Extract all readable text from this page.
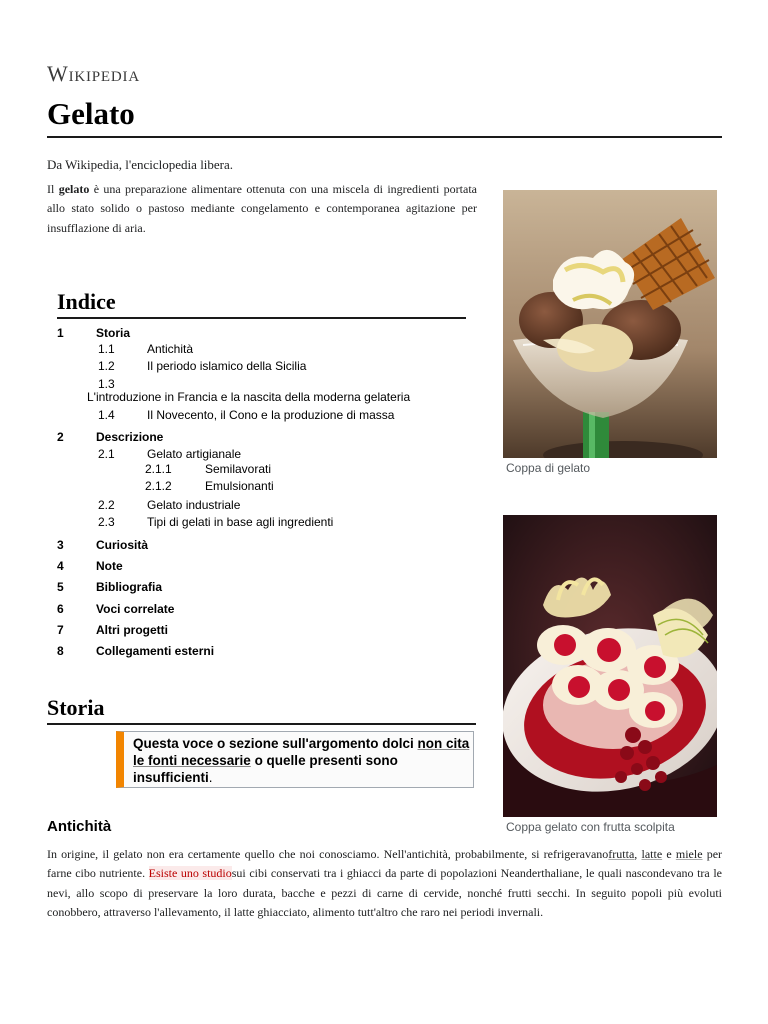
Wikipedia
Gelato
Da Wikipedia, l'enciclopedia libera.
Il gelato è una preparazione alimentare ottenuta con una miscela di ingredienti portata allo stato solido o pastoso mediante congelamento e contemporanea agitazione per insufflazione di aria.
Indice
1	Storia
1.1	Antichità
1.2	Il periodo islamico della Sicilia
1.3
L'introduzione in Francia e la nascita della moderna gelateria
1.4	Il Novecento, il Cono e la produzione di massa
2	Descrizione
2.1	Gelato artigianale
2.1.1	Semilavorati
2.1.2	Emulsionanti
2.2	Gelato industriale
2.3	Tipi di gelati in base agli ingredienti
3	Curiosità
4	Note
5	Bibliografia
6	Voci correlate
7	Altri progetti
8	Collegamenti esterni
Storia
Questa voce o sezione sull'argomento dolci non cita le fonti necessarie o quelle presenti sono insufficienti.
Antichità
In origine, il gelato non era certamente quello che noi conosciamo. Nell'antichità, probabilmente, si refrigeravanofrutta, latte e miele per farne cibo nutriente. Esiste uno studiosui cibi conservati tra i ghiacci da parte di popolazioni Neanderthaliane, le quali nascondevano tra le nevi, allo scopo di preservare la loro durata, bacche e pezzi di carne di cervide, nonché frutti secchi. In seguito popoli più evoluti conobbero, attraverso l'allevamento, il latte ghiacciato, alimento tutt'altro che raro nei periodi invernali.
Coppa di gelato
Coppa gelato con frutta scolpita
